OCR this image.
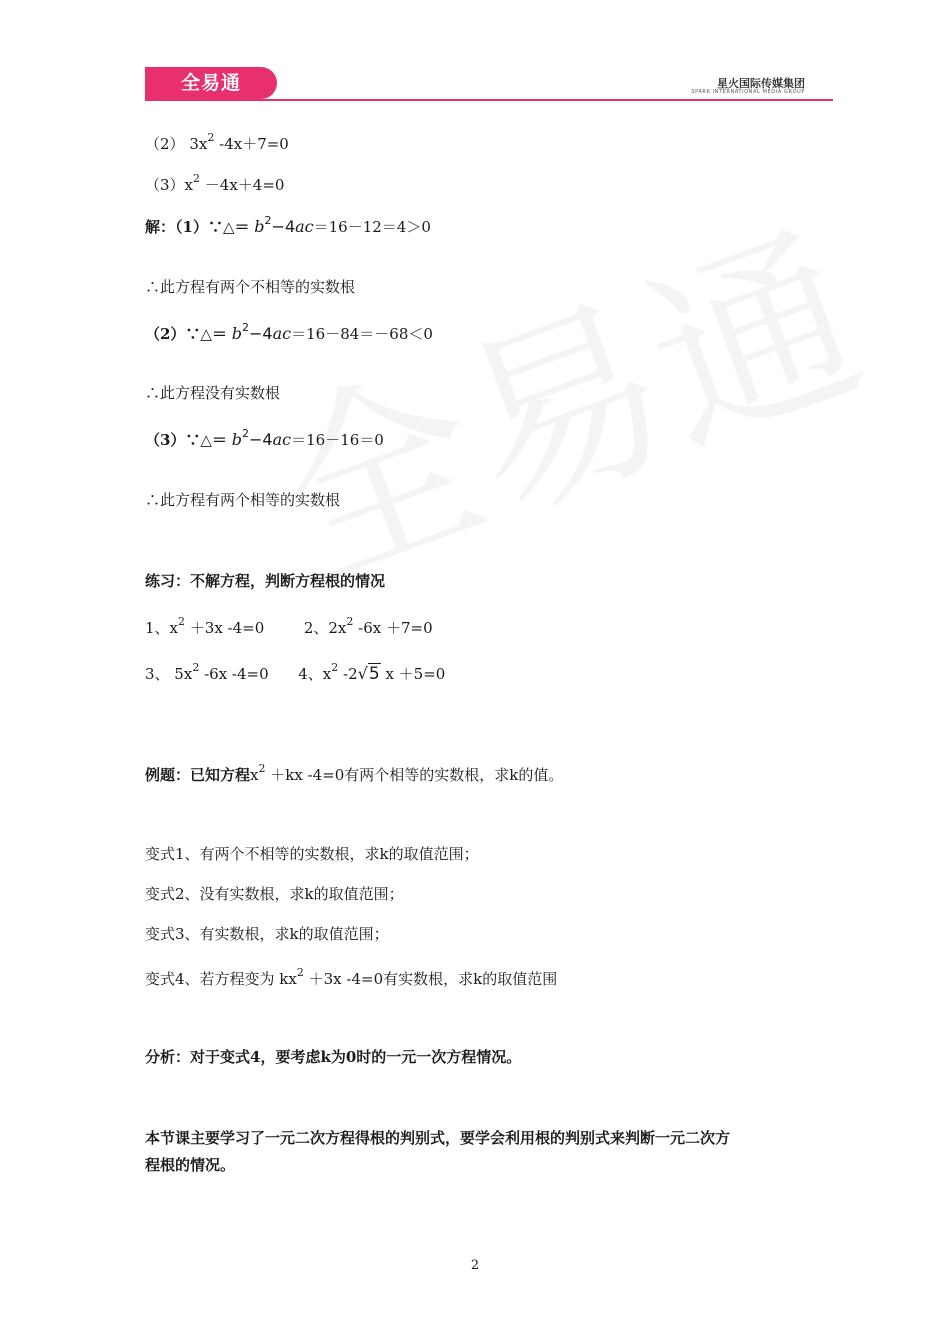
全易通	星火国际传媒集团
SPARK INTERNATIONAL MEDIA GROUP
（2） $3x^2$ -4x＋7=0
$(3)x^2 -4x+4=0$
解：（1）∵△＝ $b^2-4ac=16-12=4>0$
∴此方程有两个不相等的实数根
（2）∵△＝ $b^2-4ac=16-84=-68<0$
∴此方程没有实数根
（3）∵△＝ $b^2-4ac=16-16=0$
∴此方程有两个相等的实数根
练习：不解方程，判断方程根的情况
1、$x^2 +3x$ -4=0	2、$2x^2$ -6x ＋7=0
3、 $5x^2$ -6x -4=0 4、$x^2$ -2√5 x ＋5=0
例题：已知方程$x^2 +kx$ -4=0有两个相等的实数根，求k的值。
变式1、有两个不相等的实数根，求k的取值范围；
变式2、没有实数根，求k的取值范围；
变式3、有实数根，求k的取值范围；
变式4、若方程变为 $kx^2 +3x$ -4=0有实数根，求k的取值范围
分析：对于变式4，要考虑k为0时的一元一次方程情况。
本节课主要学习了一元二次方程得根的判别式，要学会利用根的判别式来判断一元二次方
程根的情况。
2
